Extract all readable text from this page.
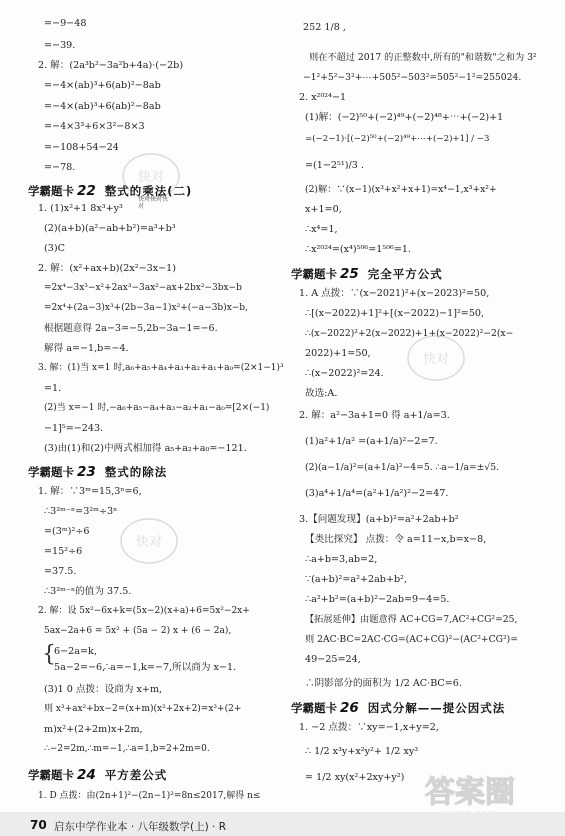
=−9−48
=−39.
2. 解：(2a³b²−3a²b+4a)·(−2b)
=−4×(ab)³+6(ab)²−8ab
=−4×(ab)³+6(ab)²−8ab
=−4×3³+6×3²−8×3
=−108+54−24
=−78.
学霸题卡 22 整式的乘法(二)
快对快对快对
1. (1)x²+1 8x³+y³
(2)(a+b)(a²−ab+b²)=a³+b³
(3)C
2. 解：(x²+ax+b)(2x²−3x−1)
=2x⁴−3x³−x²+2ax³−3ax²−ax+2bx²−3bx−b
=2x⁴+(2a−3)x³+(2b−3a−1)x²+(−a−3b)x−b,
根据题意得 2a−3=−5,2b−3a−1=−6.
解得 a=−1,b=−4.
3. 解：(1)当 x=1 时,a₆+a₅+a₄+a₃+a₂+a₁+a₀=(2×1−1)³
=1.
(2)当 x=−1 时,−a₆+a₅−a₄+a₃−a₂+a₁−a₀=[2×(−1)
−1]⁵=−243.
(3)由(1)和(2)中两式相加得 a₅+a₂+a₀=−121.
学霸题卡 23 整式的除法
1. 解：∵3ᵐ=15,3ⁿ=6,
∴3²ᵐ⁻ⁿ=3²ᵐ÷3ⁿ
=(3ᵐ)²÷6
=15²÷6
=37.5.
∴3²ᵐ⁻ⁿ的值为 37.5.
2. 解：设 5x²−6x+k=(5x−2)(x+a)+6=5x²−2x+
5ax−2a+6 = 5x² + (5a − 2) x + (6 − 2a),
{
6−2a=k,
5a−2=−6,
∴a=−1,k=−7,所以商为 x−1.
(3)1 0 点拨：设商为 x+m,
则 x³+ax²+bx−2=(x+m)(x²+2x+2)=x³+(2+
m)x²+(2+2m)x+2m,
∴−2=2m,∴m=−1,∴a=1,b=2+2m=0.
学霸题卡 24 平方差公式
1. D 点拨：由(2n+1)²−(2n−1)²=8n≤2017,解得 n≤
252 1/8 ,
则在不超过 2017 的正整数中,所有的"和谐数"之和为 3²
−1²+5²−3²+⋯+505²−503²=505²−1²=255024.
2. x²⁰²⁴−1
(1)解：(−2)⁵⁰+(−2)⁴⁹+(−2)⁴⁸+⋯+(−2)+1
=(−2−1)·[(−2)⁵⁰+(−2)⁴⁹+⋯+(−2)+1] / −3
=(1−2⁵¹)/3 .
(2)解：∵(x−1)(x³+x²+x+1)=x⁴−1,x³+x²+
x+1=0,
∴x⁴=1,
∴x²⁰²⁴=(x⁴)⁵⁰⁶=1⁵⁰⁶=1.
学霸题卡 25 完全平方公式
1. A 点拨：∵(x−2021)²+(x−2023)²=50,
∴[(x−2022)+1]²+[(x−2022)−1]²=50,
∴(x−2022)²+2(x−2022)+1+(x−2022)²−2(x−
2022)+1=50,
∴(x−2022)²=24.
故选:A.
2. 解：a²−3a+1=0 得 a+1/a=3.
(1)a²+1/a² =(a+1/a)²−2=7.
(2)(a−1/a)²=(a+1/a)²−4=5. ∴a−1/a=±√5.
(3)a⁴+1/a⁴=(a²+1/a²)²−2=47.
3.【问题发现】(a+b)²=a²+2ab+b²
【类比探究】 点拨：令 a=11−x,b=x−8,
∴a+b=3,ab=2,
∵(a+b)²=a²+2ab+b²,
∴a²+b²=(a+b)²−2ab=9−4=5.
【拓展延伸】由题意得 AC+CG=7,AC²+CG²=25,
则 2AC·BC=2AC·CG=(AC+CG)²−(AC²+CG²)=
49−25=24,
∴阴影部分的面积为 1/2 AC·BC=6.
学霸题卡 26 因式分解——提公因式法
1. −2 点拨：∵xy=−1,x+y=2,
∴ 1/2 x³y+x²y²+ 1/2 xy³
= 1/2 xy(x²+2xy+y²)
快对
快对
快对
答案圈
70 启东中学作业本 · 八年级数学(上) · R
